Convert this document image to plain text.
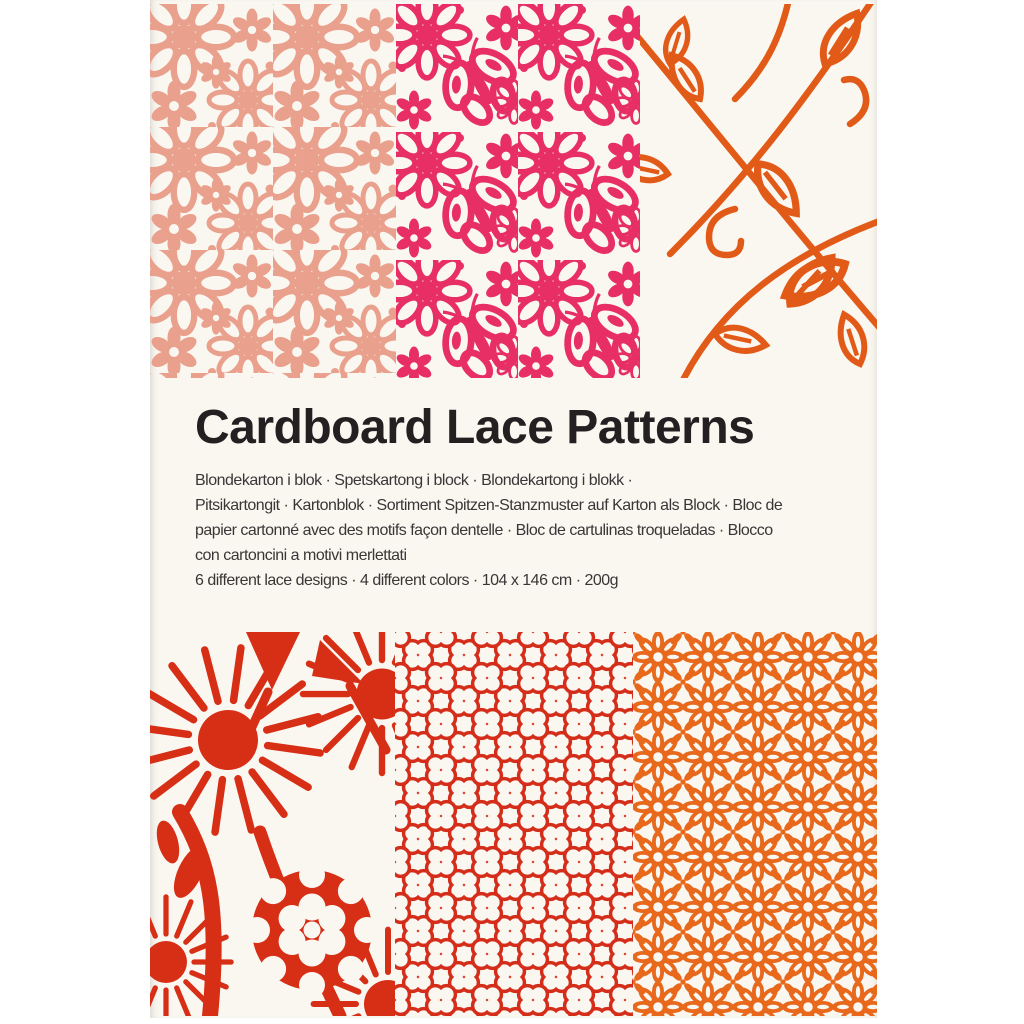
Cardboard Lace Patterns
Blondekarton i blok · Spetskartong i block · Blondekartong i blokk ·
Pitsikartongit · Kartonblok · Sortiment Spitzen-Stanzmuster auf Karton als Block · Bloc de
papier cartonné avec des motifs façon dentelle · Bloc de cartulinas troqueladas · Blocco
con cartoncini a motivi merlettati
6 different lace designs · 4 different colors · 104 x 146 cm · 200g
